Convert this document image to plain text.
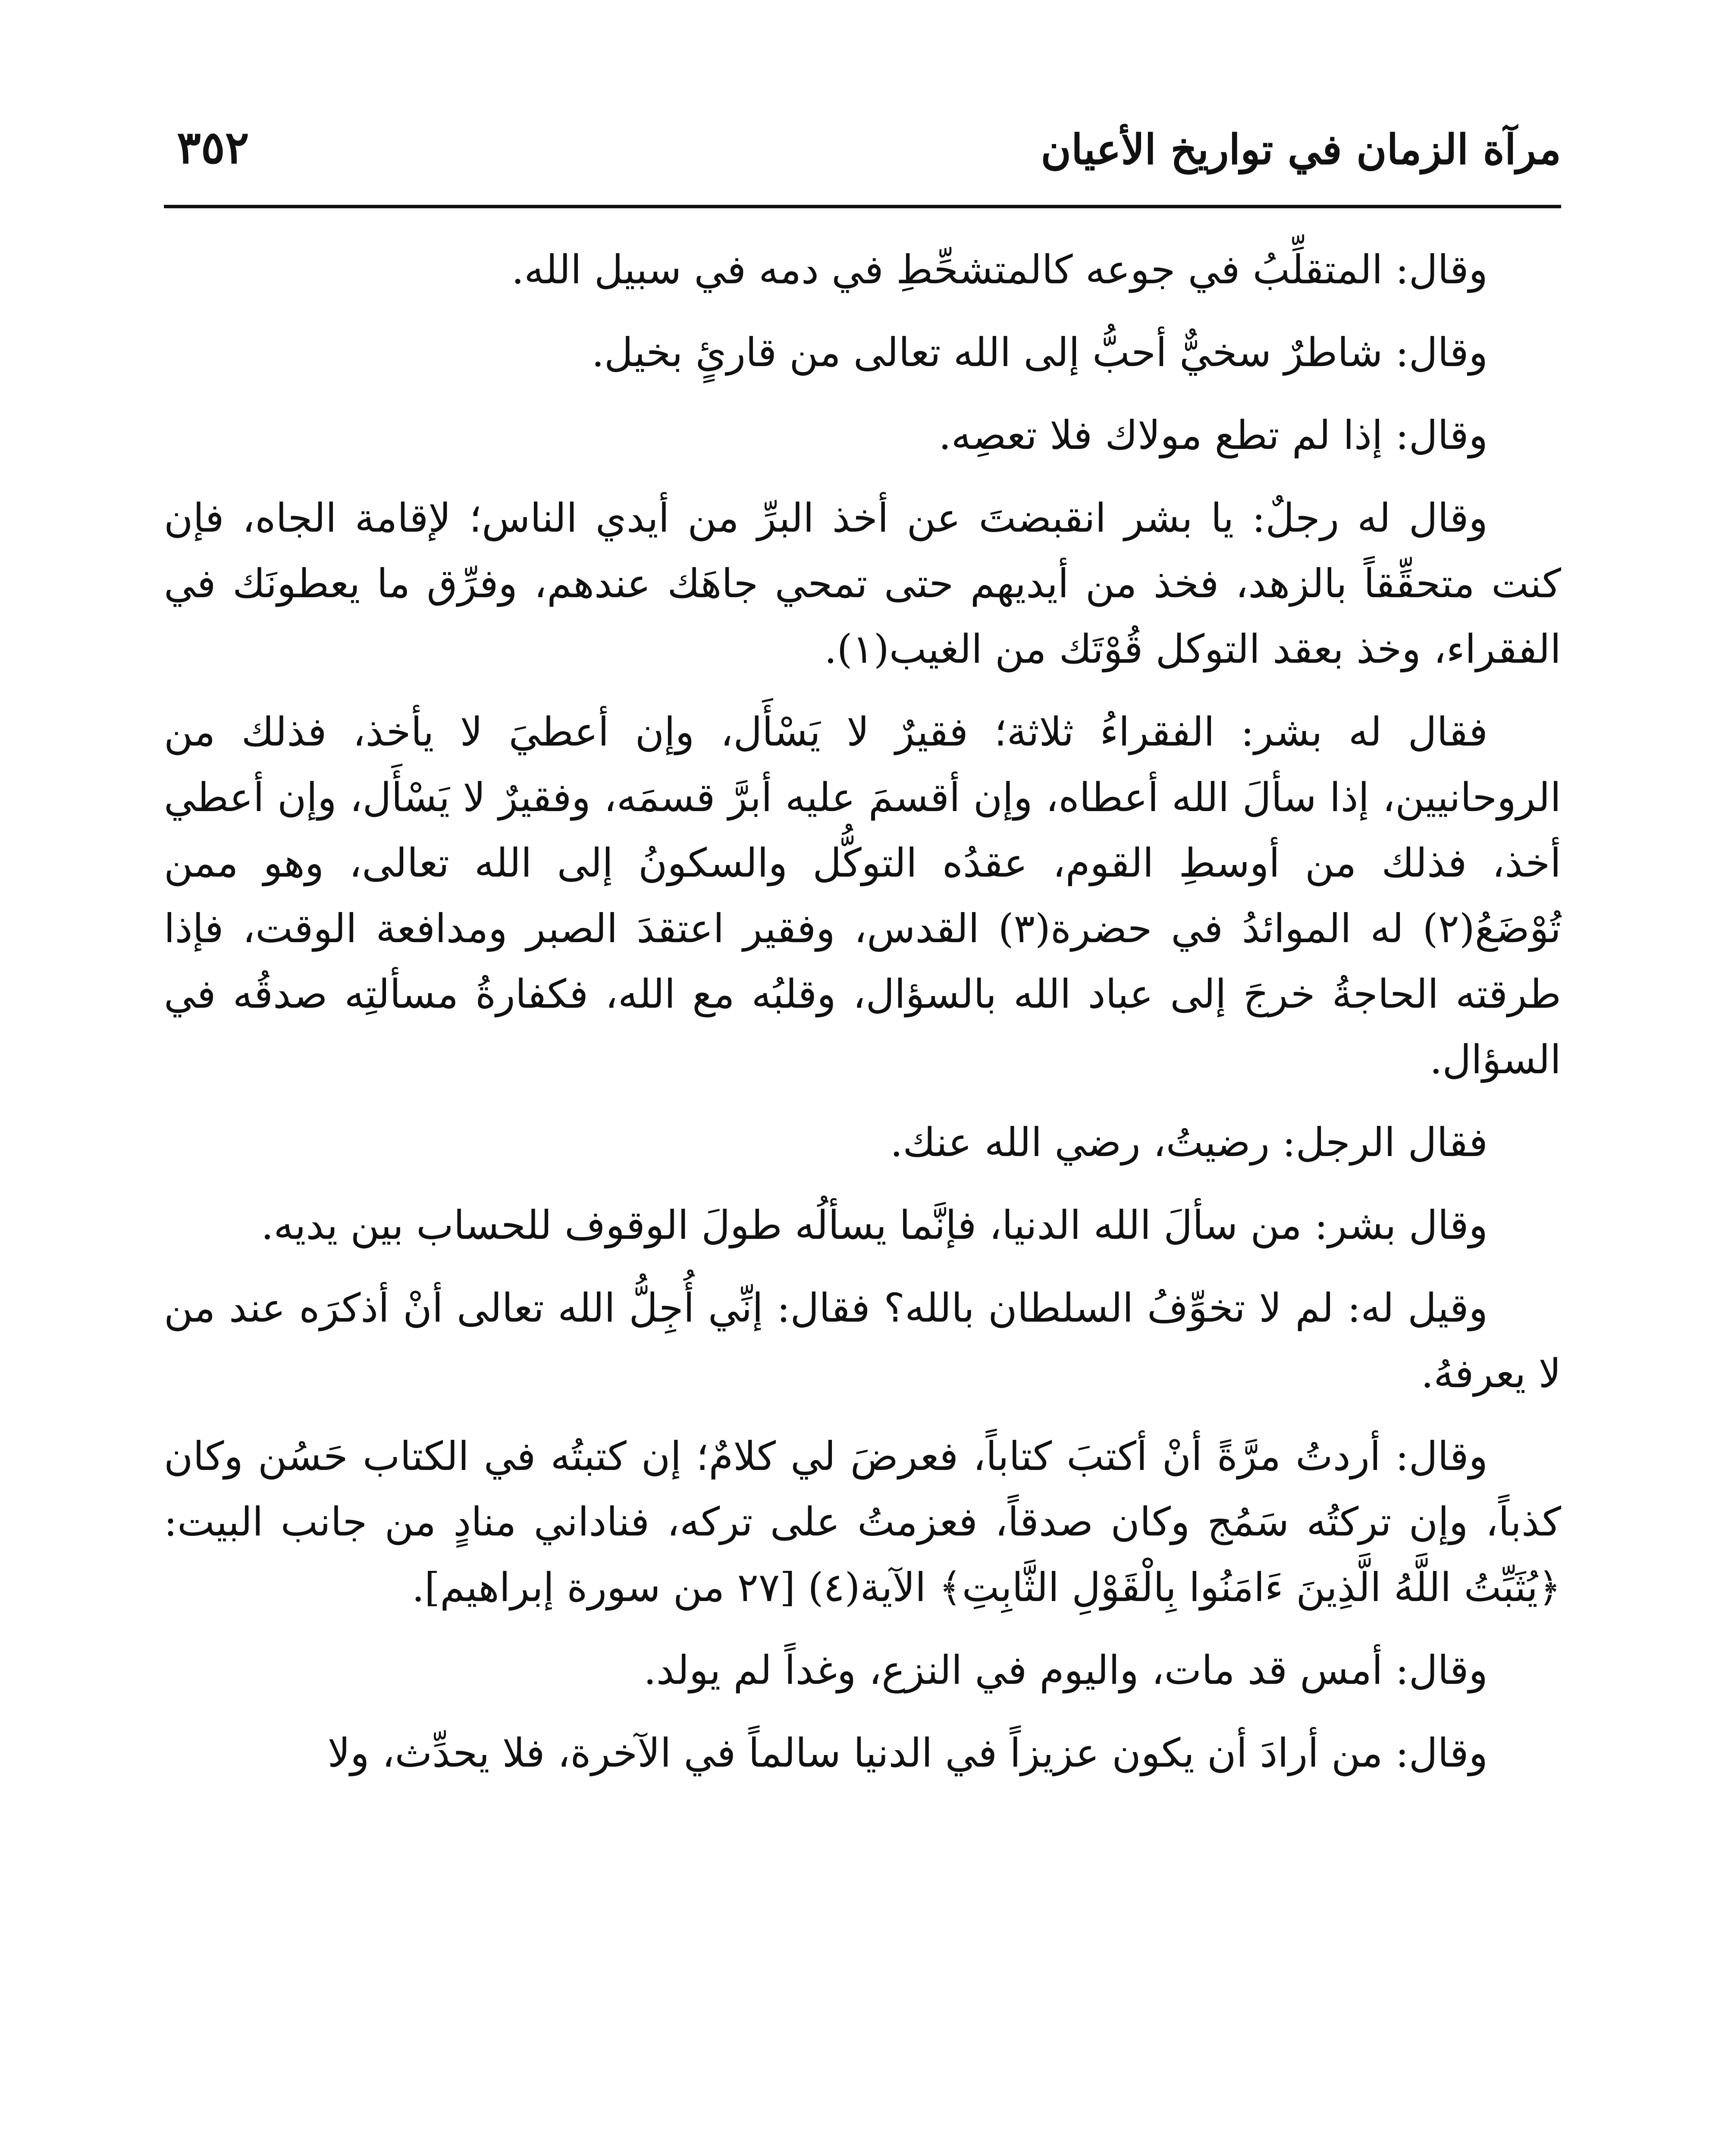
مرآة الزمان في تواريخ الأعيان
٣٥٢

وقال: المتقلِّبُ في جوعه كالمتشحِّطِ في دمه في سبيل الله.

وقال: شاطرٌ سخيٌّ أحبُّ إلى الله تعالى من قارئٍ بخيل.

وقال: إذا لم تطع مولاك فلا تعصِه.

وقال له رجلٌ: يا بشر انقبضتَ عن أخذ البرِّ من أيدي الناس؛ لإقامة الجاه، فإن كنت متحقِّقاً بالزهد، فخذ من أيديهم حتى تمحي جاهَك عندهم، وفرِّق ما يعطونَك في الفقراء، وخذ بعقد التوكل قُوْتَك من الغيب(١).

فقال له بشر: الفقراءُ ثلاثة؛ فقيرٌ لا يَسْأَل، وإن أعطيَ لا يأخذ، فذلك من الروحانيين، إذا سألَ الله أعطاه، وإن أقسمَ عليه أبرَّ قسمَه، وفقيرٌ لا يَسْأَل، وإن أعطي أخذ، فذلك من أوسطِ القوم، عقدُه التوكُّل والسكونُ إلى الله تعالى، وهو ممن تُوْضَعُ(٢) له الموائدُ في حضرة(٣) القدس، وفقير اعتقدَ الصبر ومدافعة الوقت، فإذا طرقته الحاجةُ خرجَ إلى عباد الله بالسؤال، وقلبُه مع الله، فكفارةُ مسألتِه صدقُه في السؤال.

فقال الرجل: رضيتُ، رضي الله عنك.

وقال بشر: من سألَ الله الدنيا، فإنَّما يسألُه طولَ الوقوف للحساب بين يديه.

وقيل له: لم لا تخوِّفُ السلطان بالله؟ فقال: إنِّي أُجِلُّ الله تعالى أنْ أذكرَه عند من لا يعرفهُ.

وقال: أردتُ مرَّةً أنْ أكتبَ كتاباً، فعرضَ لي كلامٌ؛ إن كتبتُه في الكتاب حَسُن وكان كذباً، وإن تركتُه سَمُج وكان صدقاً، فعزمتُ على تركه، فناداني منادٍ من جانب البيت: ﴿يُثَبِّتُ اللَّهُ الَّذِينَ ءَامَنُوا بِالْقَوْلِ الثَّابِتِ﴾ الآية(٤) [٢٧ من سورة إبراهيم].

وقال: أمس قد مات، واليوم في النزع، وغداً لم يولد.

وقال: من أرادَ أن يكون عزيزاً في الدنيا سالماً في الآخرة، فلا يحدِّث، ولا
